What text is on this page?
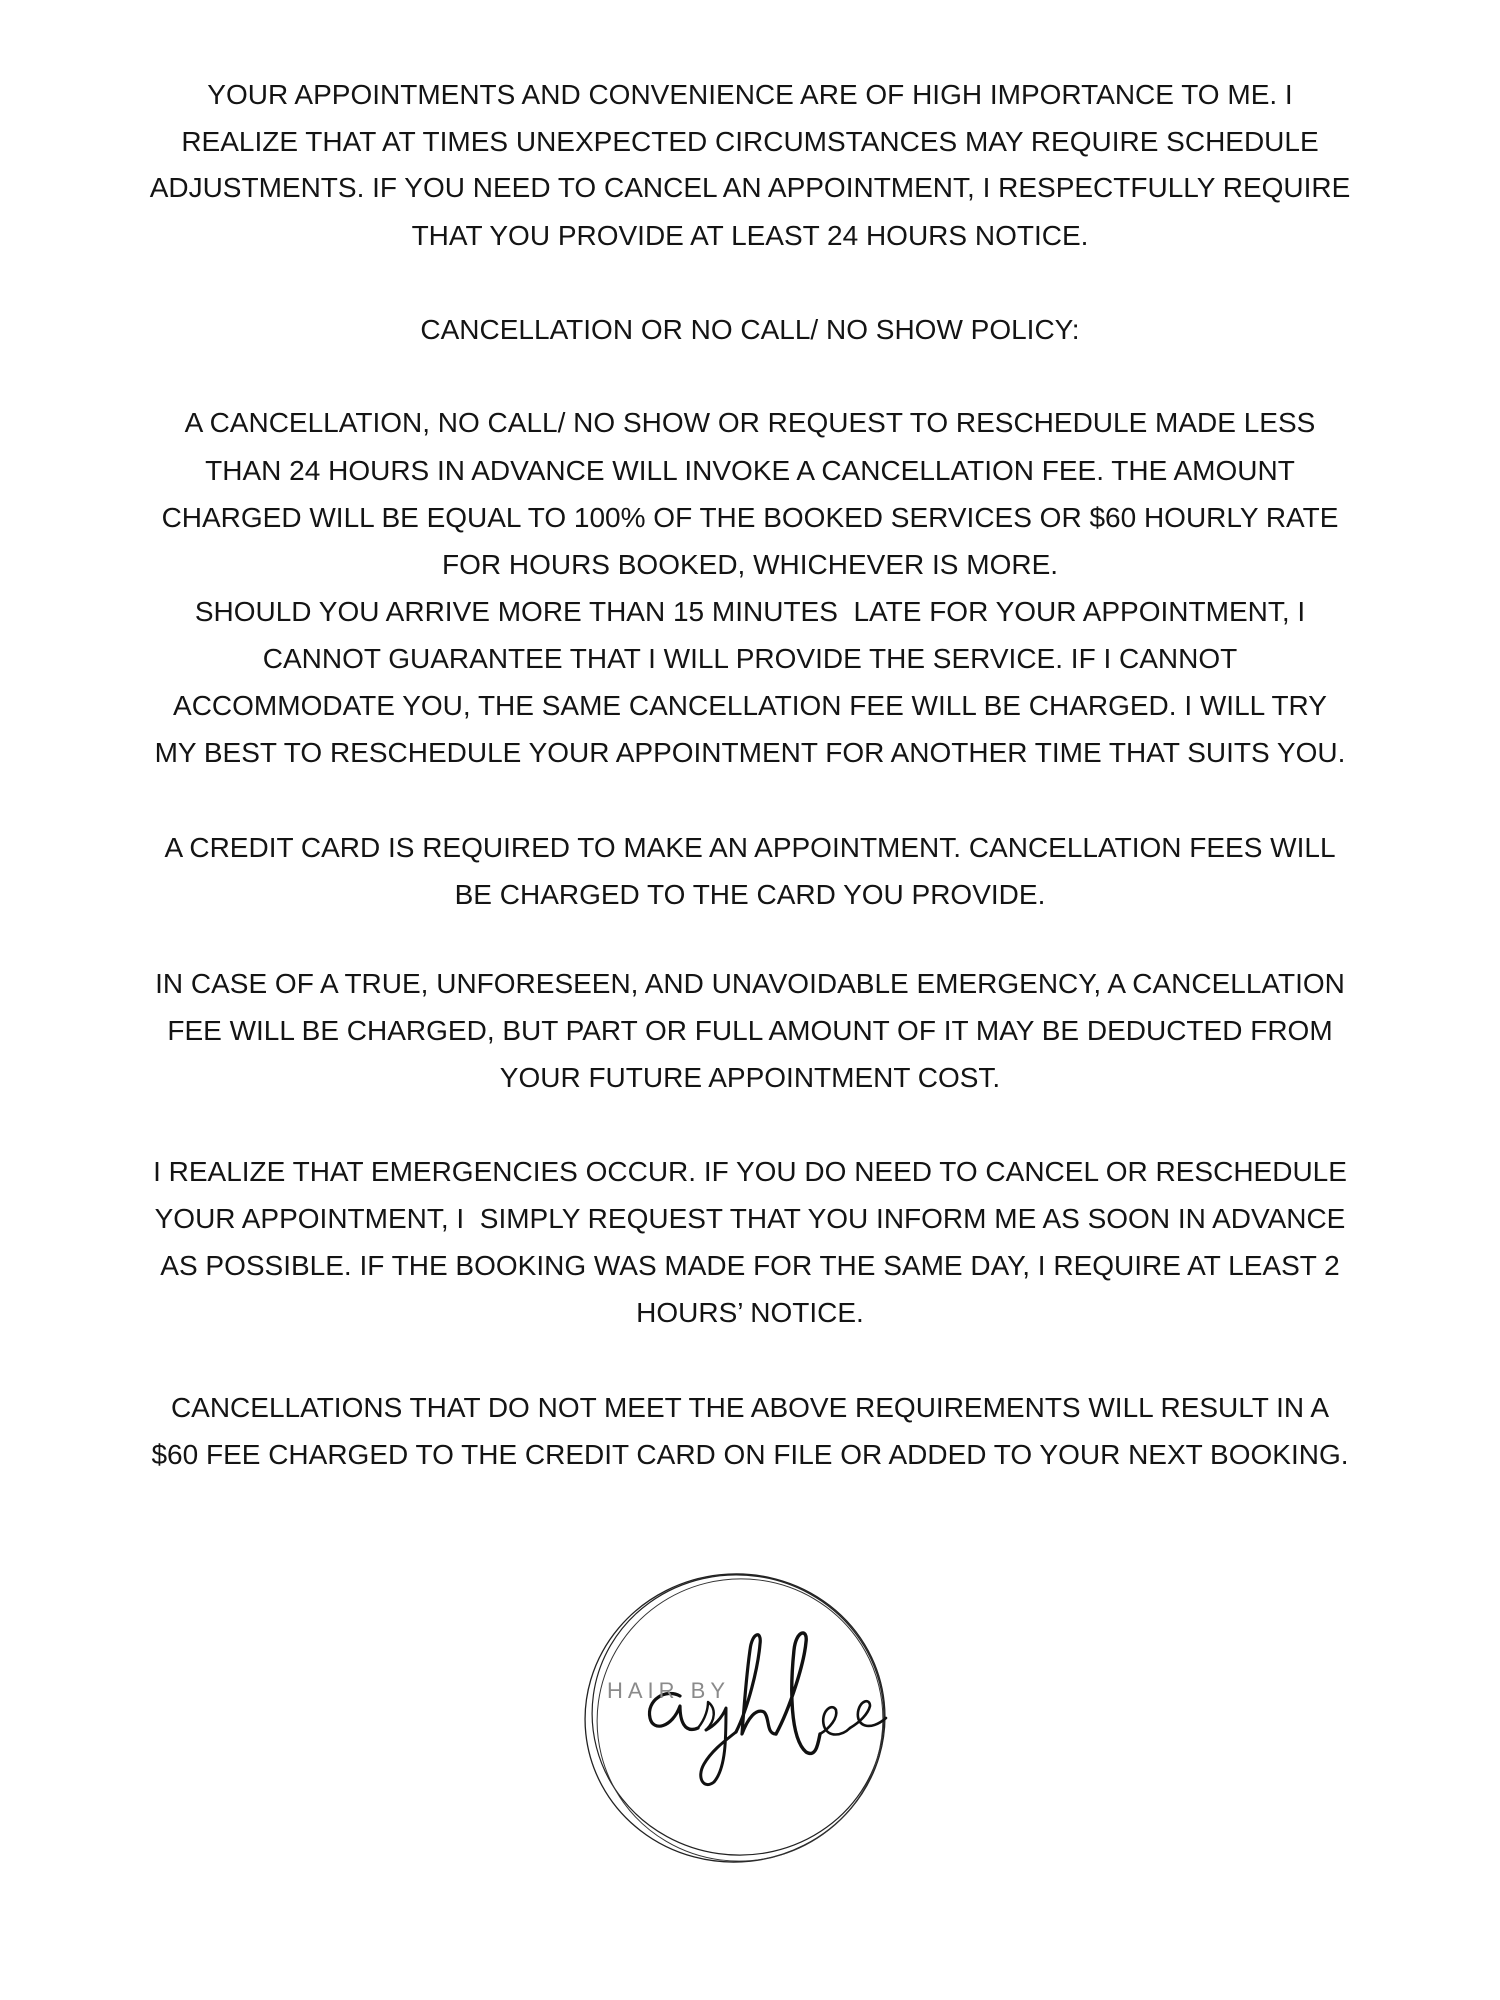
YOUR APPOINTMENTS AND CONVENIENCE ARE OF HIGH IMPORTANCE TO ME. I
REALIZE THAT AT TIMES UNEXPECTED CIRCUMSTANCES MAY REQUIRE SCHEDULE
ADJUSTMENTS. IF YOU NEED TO CANCEL AN APPOINTMENT, I RESPECTFULLY REQUIRE
THAT YOU PROVIDE AT LEAST 24 HOURS NOTICE.
CANCELLATION OR NO CALL/ NO SHOW POLICY:
A CANCELLATION, NO CALL/ NO SHOW OR REQUEST TO RESCHEDULE MADE LESS
THAN 24 HOURS IN ADVANCE WILL INVOKE A CANCELLATION FEE. THE AMOUNT
CHARGED WILL BE EQUAL TO 100% OF THE BOOKED SERVICES OR $60 HOURLY RATE
FOR HOURS BOOKED, WHICHEVER IS MORE.
SHOULD YOU ARRIVE MORE THAN 15 MINUTES  LATE FOR YOUR APPOINTMENT, I
CANNOT GUARANTEE THAT I WILL PROVIDE THE SERVICE. IF I CANNOT
ACCOMMODATE YOU, THE SAME CANCELLATION FEE WILL BE CHARGED. I WILL TRY
MY BEST TO RESCHEDULE YOUR APPOINTMENT FOR ANOTHER TIME THAT SUITS YOU.
A CREDIT CARD IS REQUIRED TO MAKE AN APPOINTMENT. CANCELLATION FEES WILL
BE CHARGED TO THE CARD YOU PROVIDE.
IN CASE OF A TRUE, UNFORESEEN, AND UNAVOIDABLE EMERGENCY, A CANCELLATION
FEE WILL BE CHARGED, BUT PART OR FULL AMOUNT OF IT MAY BE DEDUCTED FROM
YOUR FUTURE APPOINTMENT COST.
I REALIZE THAT EMERGENCIES OCCUR. IF YOU DO NEED TO CANCEL OR RESCHEDULE
YOUR APPOINTMENT, I  SIMPLY REQUEST THAT YOU INFORM ME AS SOON IN ADVANCE
AS POSSIBLE. IF THE BOOKING WAS MADE FOR THE SAME DAY, I REQUIRE AT LEAST 2
HOURS’ NOTICE.
CANCELLATIONS THAT DO NOT MEET THE ABOVE REQUIREMENTS WILL RESULT IN A
$60 FEE CHARGED TO THE CREDIT CARD ON FILE OR ADDED TO YOUR NEXT BOOKING.
HAIR BY
